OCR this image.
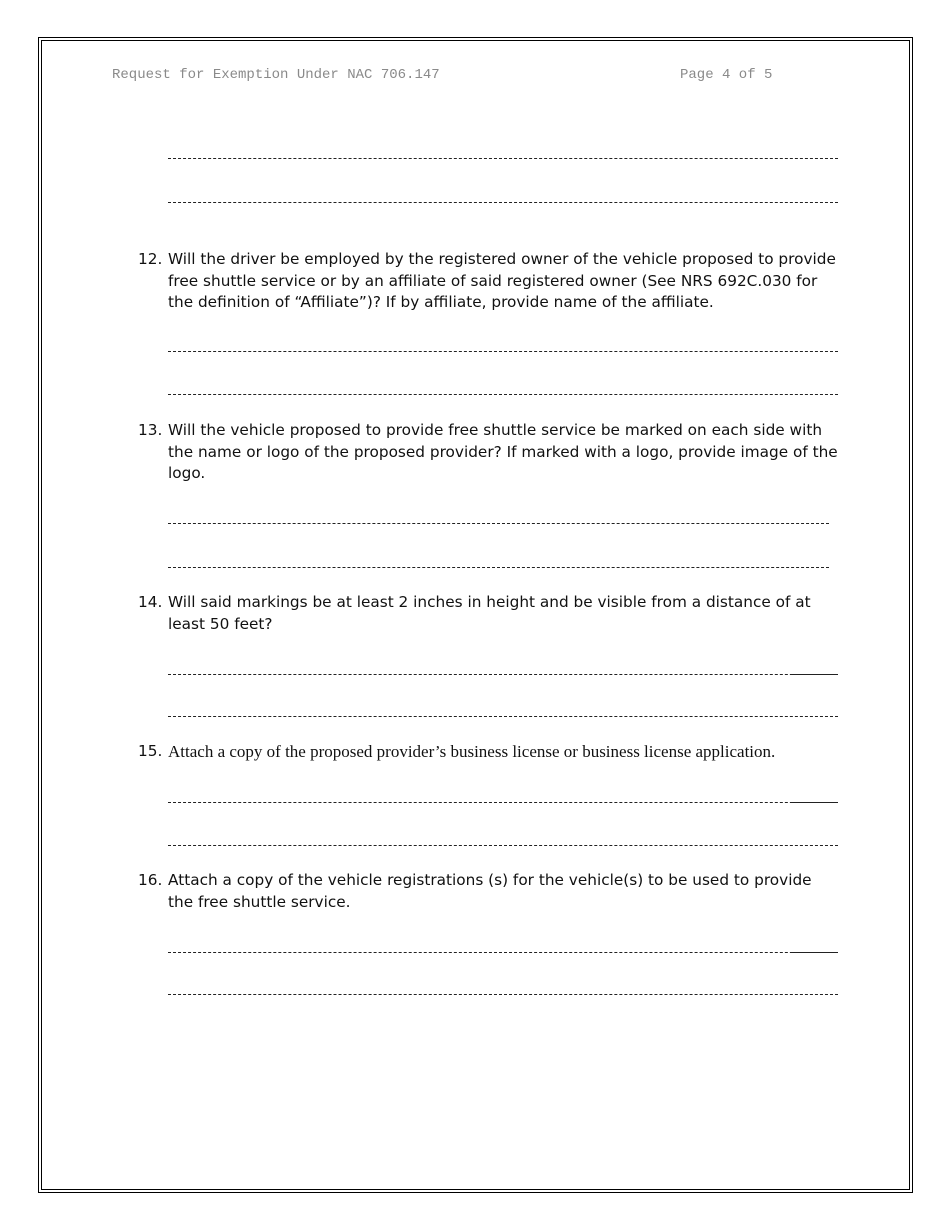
Request for Exemption Under NAC 706.147	Page 4 of 5
12. Will the driver be employed by the registered owner of the vehicle proposed to provide free shuttle service or by an affiliate of said registered owner (See NRS 692C.030 for the definition of “Affiliate”)? If by affiliate, provide name of the affiliate.
13. Will the vehicle proposed to provide free shuttle service be marked on each side with the name or logo of the proposed provider? If marked with a logo, provide image of the logo.
14. Will said markings be at least 2 inches in height and be visible from a distance of at least 50 feet?
15. Attach a copy of the proposed provider’s business license or business license application.
16. Attach a copy of the vehicle registrations (s) for the vehicle(s) to be used to provide the free shuttle service.
